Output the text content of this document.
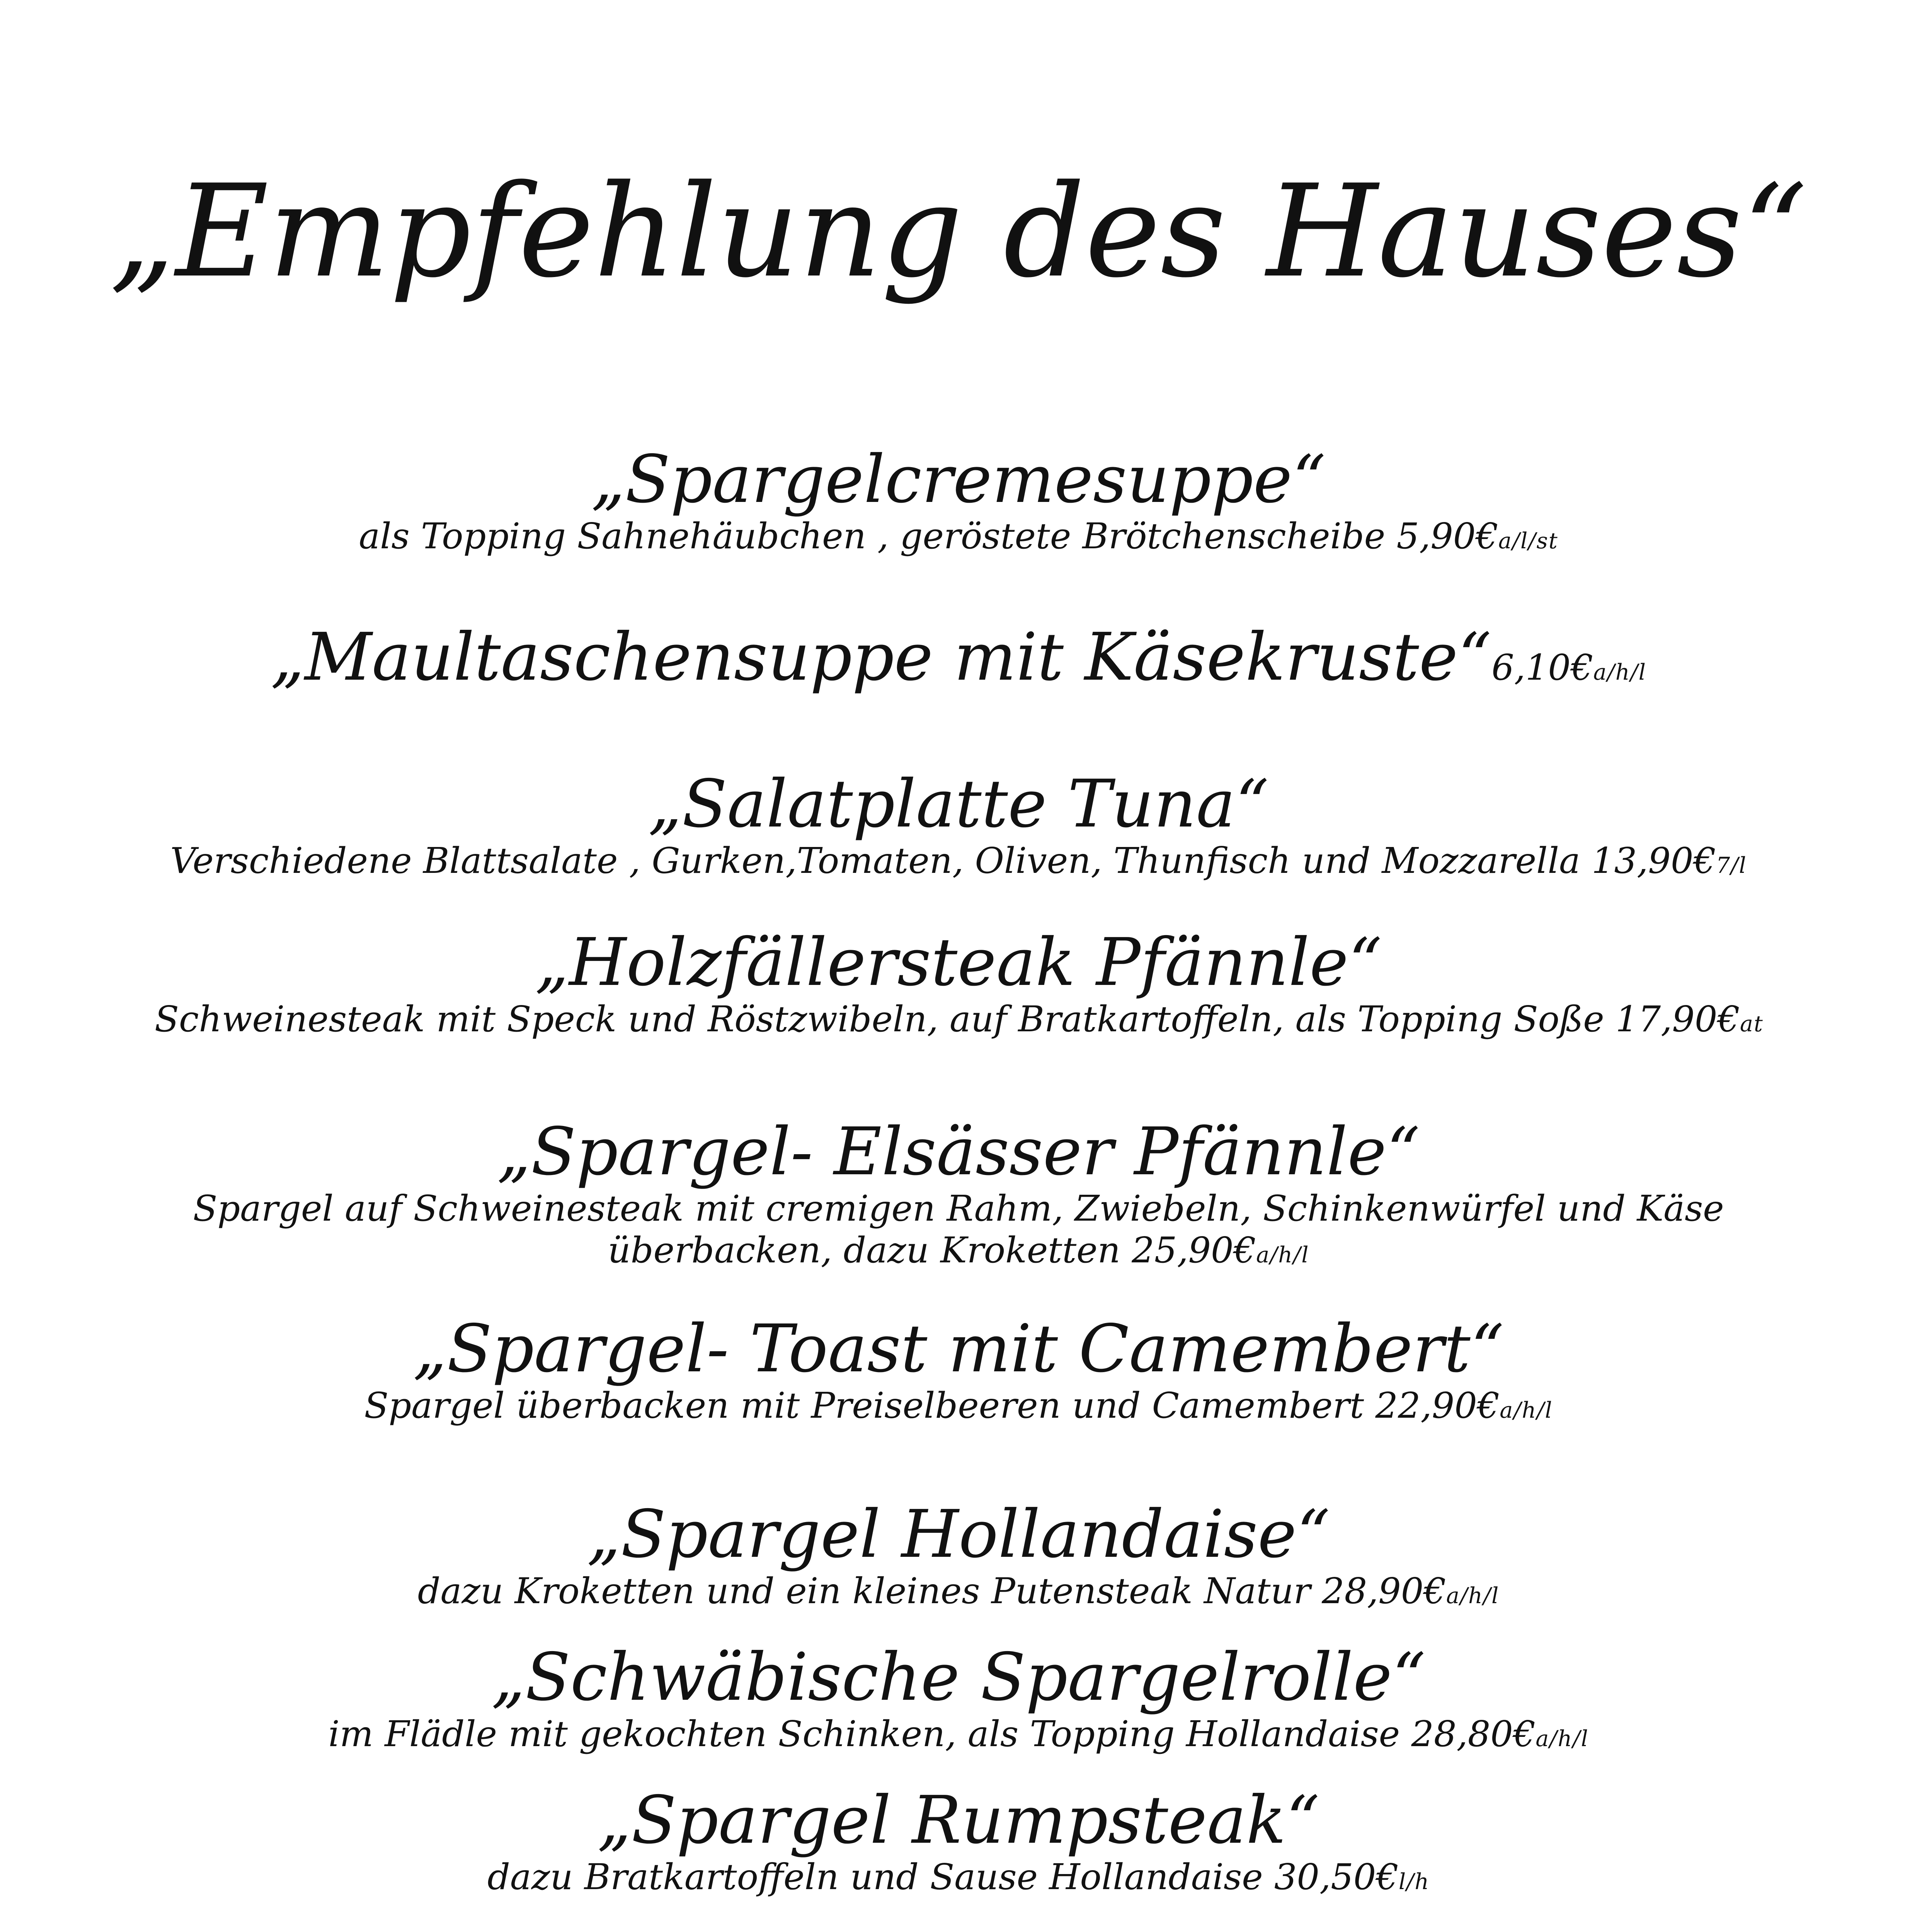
„Empfehlung des Hauses“
„Spargelcremesuppe“
als Topping Sahnehäubchen , geröstete Brötchenscheibe 5,90€a/l/st
„Maultaschensuppe mit Käsekruste“6,10€a/h/l
„Salatplatte Tuna“
Verschiedene Blattsalate , Gurken,Tomaten, Oliven, Thunfisch und Mozzarella 13,90€7/l
„Holzfällersteak Pfännle“
Schweinesteak mit Speck und Röstzwibeln, auf Bratkartoffeln, als Topping Soße 17,90€at
„Spargel- Elsässer Pfännle“
Spargel auf Schweinesteak mit cremigen Rahm, Zwiebeln, Schinkenwürfel und Käse überbacken, dazu Kroketten 25,90€a/h/l
„Spargel- Toast mit Camembert“
Spargel überbacken mit Preiselbeeren und Camembert 22,90€a/h/l
„Spargel Hollandaise“
dazu Kroketten und ein kleines Putensteak Natur 28,90€a/h/l
„Schwäbische Spargelrolle“
im Flädle mit gekochten Schinken, als Topping Hollandaise 28,80€a/h/l
„Spargel Rumpsteak“
dazu Bratkartoffeln und Sause Hollandaise 30,50€l/h
